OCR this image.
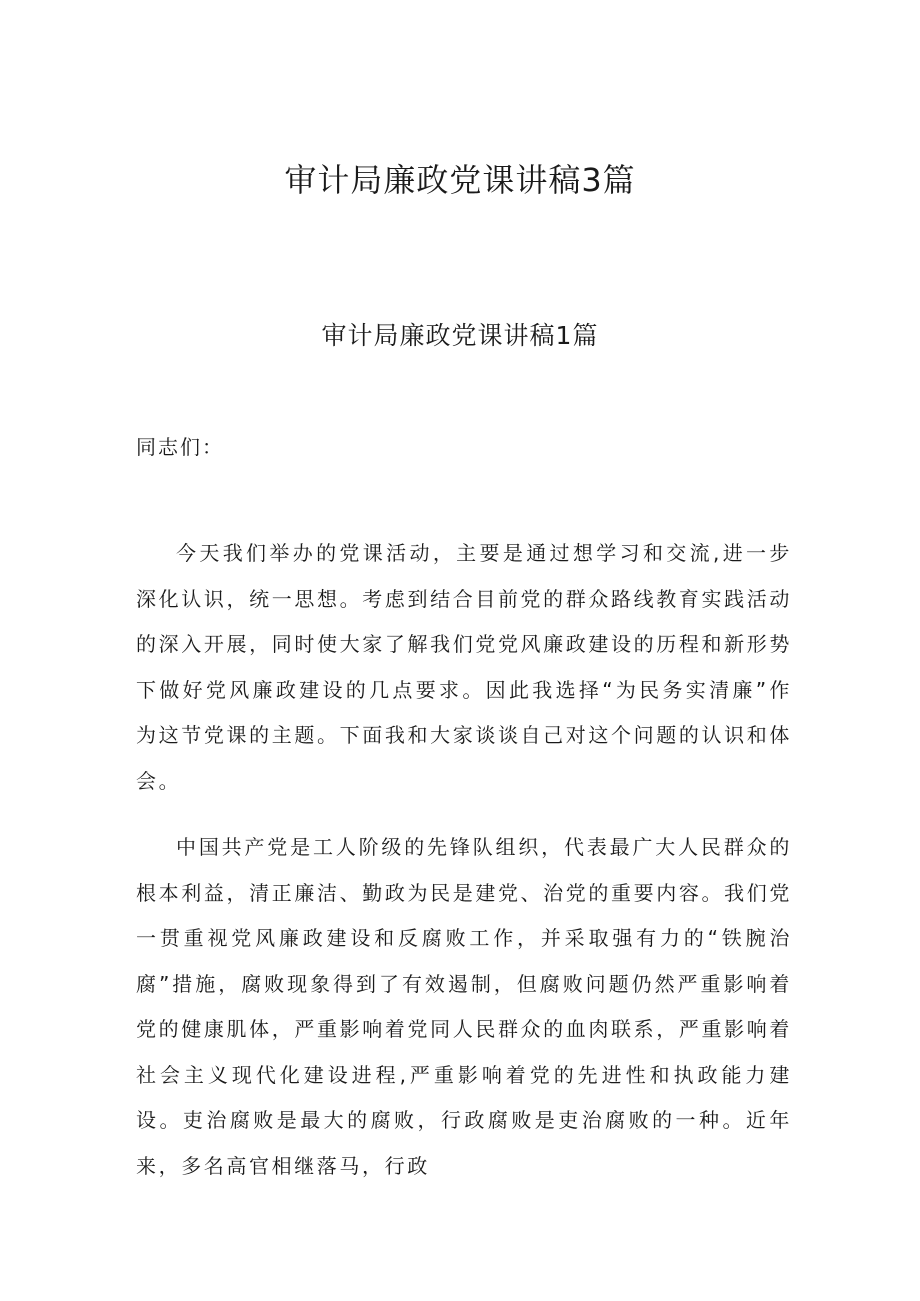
审计局廉政党课讲稿3篇
审计局廉政党课讲稿1篇

同志们：

今天我们举办的党课活动，主要是通过想学习和交流,进一步深化认识，统一思想。考虑到结合目前党的群众路线教育实践活动的深入开展，同时使大家了解我们党党风廉政建设的历程和新形势下做好党风廉政建设的几点要求。因此我选择“为民务实清廉”作为这节党课的主题。下面我和大家谈谈自己对这个问题的认识和体会。

中国共产党是工人阶级的先锋队组织，代表最广大人民群众的根本利益，清正廉洁、勤政为民是建党、治党的重要内容。我们党一贯重视党风廉政建设和反腐败工作，并采取强有力的“铁腕治腐”措施，腐败现象得到了有效遏制，但腐败问题仍然严重影响着党的健康肌体，严重影响着党同人民群众的血肉联系，严重影响着社会主义现代化建设进程,严重影响着党的先进性和执政能力建设。吏治腐败是最大的腐败，行政腐败是吏治腐败的一种。近年来，多名高官相继落马，行政
